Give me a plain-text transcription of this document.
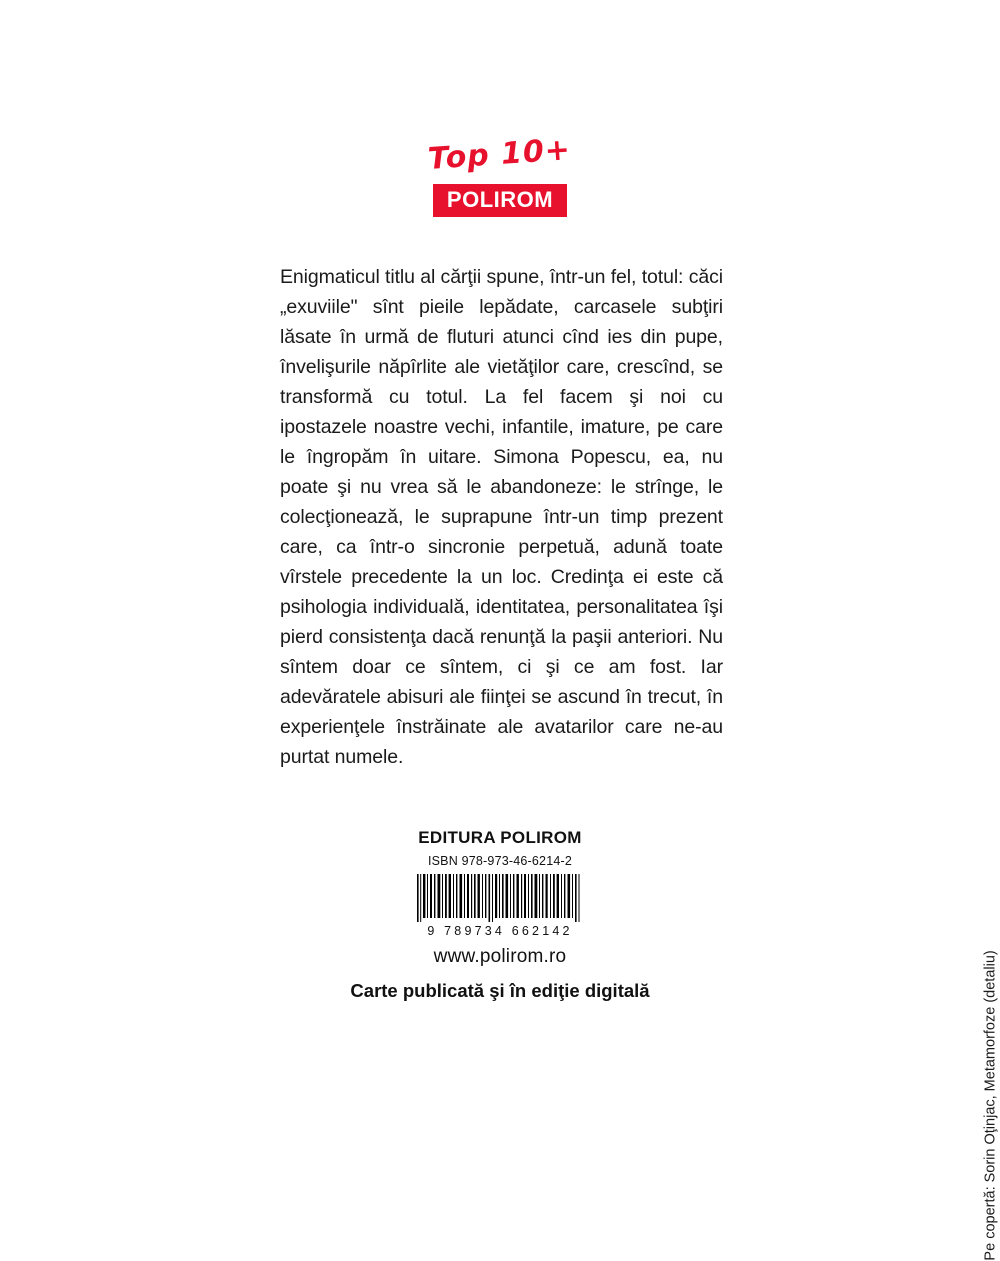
Top 10+
POLIROM
Enigmaticul titlu al cărţii spune, într-un fel, totul: căci „exuviile" sînt pieile lepădate, carcasele subţiri lăsate în urmă de fluturi atunci cînd ies din pupe, învelişurile năpîrlite ale vietăţilor care, crescînd, se transformă cu totul. La fel facem şi noi cu ipostazele noastre vechi, infantile, imature, pe care le îngropăm în uitare. Simona Popescu, ea, nu poate şi nu vrea să le abandoneze: le strînge, le colecţionează, le suprapune într-un timp prezent care, ca într-o sincronie perpetuă, adună toate vîrstele precedente la un loc. Credinţa ei este că psihologia individuală, identitatea, personalitatea îşi pierd consistenţa dacă renunţă la paşii anteriori. Nu sîntem doar ce sîntem, ci şi ce am fost. Iar adevăratele abisuri ale fiinţei se ascund în trecut, în experienţele înstrăinate ale avatarilor care ne-au purtat numele.
EDITURA POLIROM
ISBN 978-973-46-6214-2
9 789734 662142
www.polirom.ro
Carte publicată şi în ediţie digitală	Pe copertă: Sorin Oţinjac, Metamorfoze (detaliu)
